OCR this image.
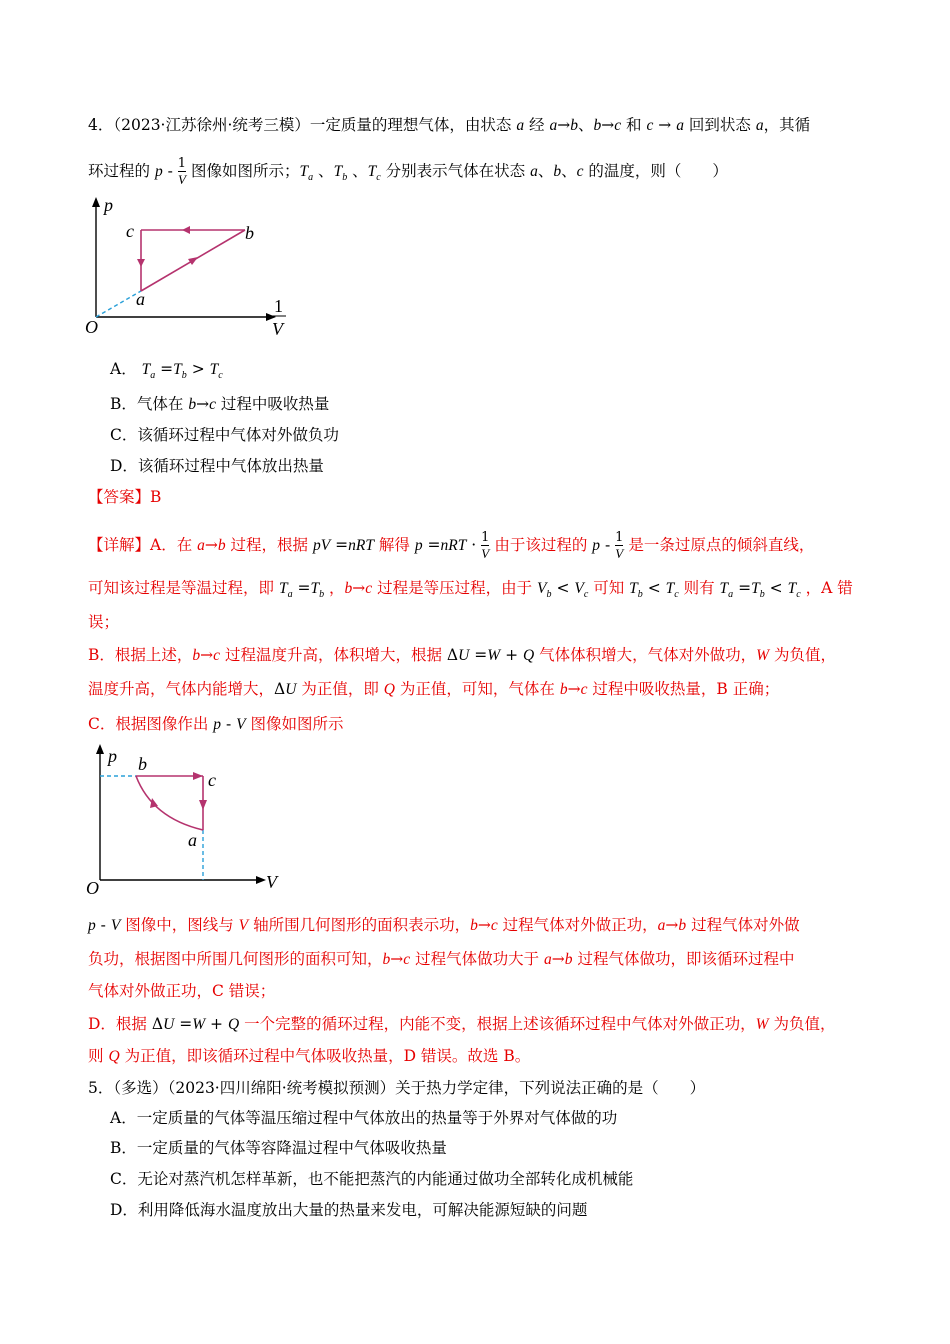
4．（2023·江苏徐州·统考三模）一定质量的理想气体，由状态 a 经 a→b、b→c 和 c → a 回到状态 a，其循
环过程的 p - $\frac{1}{V}$ 图像如图所示；$T_a$ 、$T_b$ 、$T_c$ 分别表示气体在状态 a、b、c 的温度，则（　　）
p
c	b
a
O
1
V
A． $T_a =T_b > T_c$
B．气体在 b→c 过程中吸收热量
C．该循环过程中气体对外做负功
D．该循环过程中气体放出热量
【答案】B
【详解】A．在 a→b 过程，根据 pV =nRT 解得 $p =nRT \cdot \frac{1}{V}$ 由于该过程的 p - $\frac{1}{V}$ 是一条过原点的倾斜直线，
可知该过程是等温过程，即 $T_a =T_b$ ，b→c 过程是等压过程，由于 $V_b < V_c$ 可知 $T_b < T_c$ 则有 $T_a =T_b < T_c$ ，A 错
误；
B．根据上述，b→c 过程温度升高，体积增大，根据 ΔU =W + Q 气体体积增大，气体对外做功，W 为负值，
温度升高，气体内能增大，ΔU 为正值，即 Q 为正值，可知，气体在 b→c 过程中吸收热量，B 正确；
C．根据图像作出 p - V 图像如图所示
p b
c
a
O	V
p - V 图像中，图线与 V 轴所围几何图形的面积表示功，b→c 过程气体对外做正功，a→b 过程气体对外做
负功，根据图中所围几何图形的面积可知，b→c 过程气体做功大于 a→b 过程气体做功，即该循环过程中
气体对外做正功，C 错误；
D．根据 ΔU =W + Q 一个完整的循环过程，内能不变，根据上述该循环过程中气体对外做正功，W 为负值，
则 Q 为正值，即该循环过程中气体吸收热量，D 错误。故选 B。
5．（多选）（2023·四川绵阳·统考模拟预测）关于热力学定律，下列说法正确的是（　　）
A．一定质量的气体等温压缩过程中气体放出的热量等于外界对气体做的功
B．一定质量的气体等容降温过程中气体吸收热量
C．无论对蒸汽机怎样革新，也不能把蒸汽的内能通过做功全部转化成机械能
D．利用降低海水温度放出大量的热量来发电，可解决能源短缺的问题
